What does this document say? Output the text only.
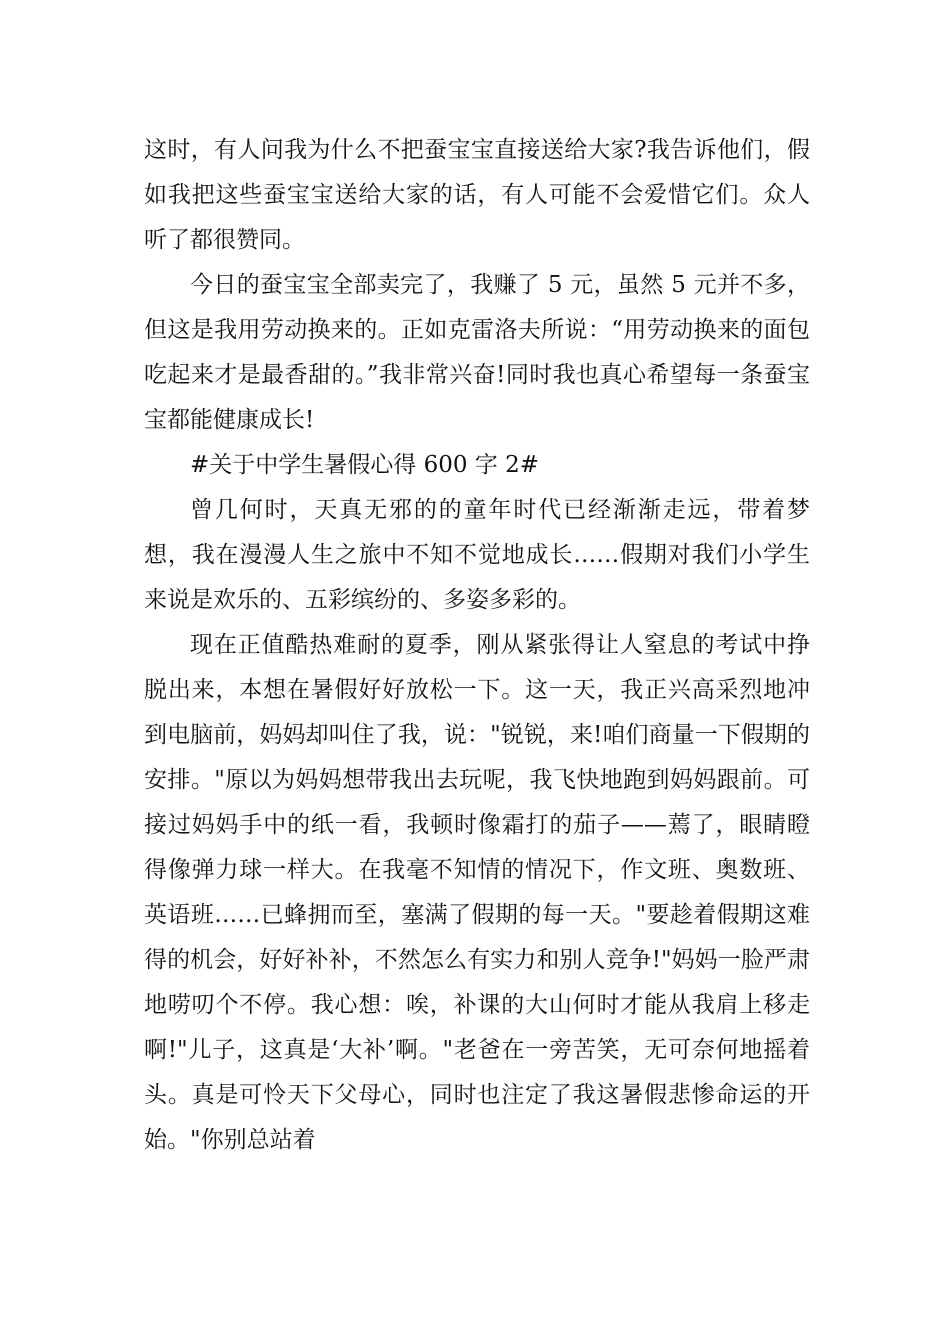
这时，有人问我为什么不把蚕宝宝直接送给大家?我告诉他们，假如我把这些蚕宝宝送给大家的话，有人可能不会爱惜它们。众人听了都很赞同。

今日的蚕宝宝全部卖完了，我赚了 5 元，虽然 5 元并不多，但这是我用劳动换来的。正如克雷洛夫所说：“用劳动换来的面包吃起来才是最香甜的。”我非常兴奋!同时我也真心希望每一条蚕宝宝都能健康成长!

#关于中学生暑假心得 600 字 2#

曾几何时，天真无邪的的童年时代已经渐渐走远，带着梦想，我在漫漫人生之旅中不知不觉地成长……假期对我们小学生来说是欢乐的、五彩缤纷的、多姿多彩的。

现在正值酷热难耐的夏季，刚从紧张得让人窒息的考试中挣脱出来，本想在暑假好好放松一下。这一天，我正兴高采烈地冲到电脑前，妈妈却叫住了我，说："锐锐，来!咱们商量一下假期的安排。"原以为妈妈想带我出去玩呢，我飞快地跑到妈妈跟前。可接过妈妈手中的纸一看，我顿时像霜打的茄子——蔫了，眼睛瞪得像弹力球一样大。在我毫不知情的情况下，作文班、奥数班、英语班……已蜂拥而至，塞满了假期的每一天。"要趁着假期这难得的机会，好好补补，不然怎么有实力和别人竞争!"妈妈一脸严肃地唠叨个不停。我心想：唉，补课的大山何时才能从我肩上移走啊!"儿子，这真是‘大补’啊。"老爸在一旁苦笑，无可奈何地摇着头。真是可怜天下父母心，同时也注定了我这暑假悲惨命运的开始。"你别总站着
